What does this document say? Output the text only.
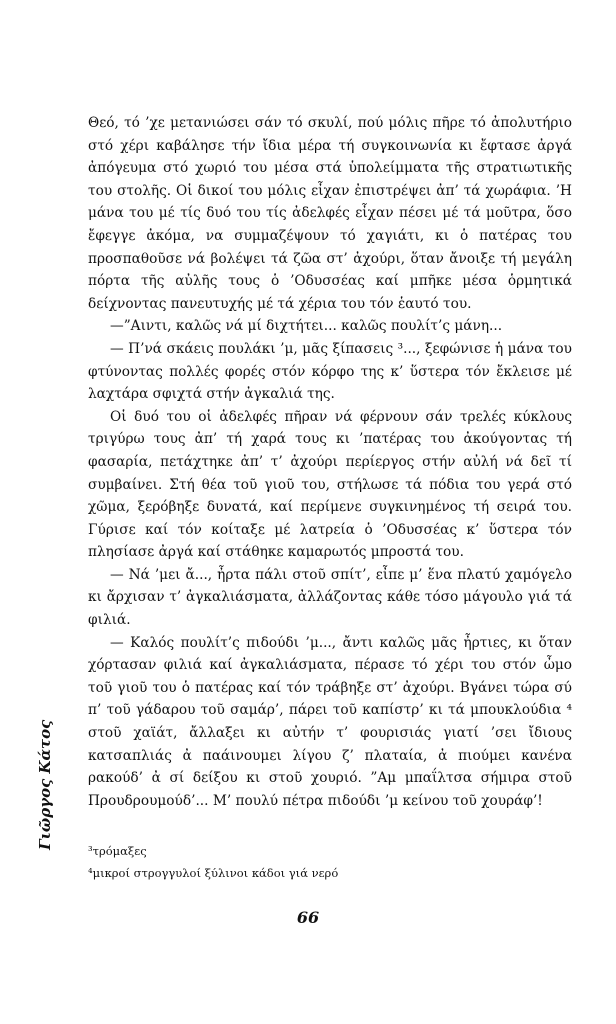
Θεό, τό ’χε μετανιώσει σάν τό σκυλί, πού μόλις πῆρε τό ἀπολυτήριο στό χέρι καβάλησε τήν ἴδια μέρα τή συγκοινωνία κι ἔφτασε ἀργά ἀπόγευμα στό χωριό του μέσα στά ὑπολείμματα τῆς στρατιωτικῆς του στολῆς. Οἱ δικοί του μόλις εἶχαν ἐπιστρέψει ἀπ’ τά χωράφια. ’Η μάνα του μέ τίς δυό του τίς ἀδελφές εἶχαν πέσει μέ τά μοῦτρα, ὅσο ἔφεγγε ἀκόμα, να συμμαζέψουν τό χαγιάτι, κι ὁ πατέρας του προσπαθοῦσε νά βολέψει τά ζῶα στ’ ἀχούρι, ὅταν ἄνοιξε τή μεγάλη πόρτα τῆς αὐλῆς τους ὁ ’Οδυσσέας καί μπῆκε μέσα ὁρμητικά δείχνοντας πανευτυχής μέ τά χέρια του τόν ἑαυτό του.

—”Αιντι, καλῶς νά μί διχτήτει... καλῶς πουλίτ’ς μάνη...

— Π’νά σκάεις πουλάκι ’μ, μᾶς ξίπασεις ³..., ξεφώνισε ἡ μάνα του φτύνοντας πολλές φορές στόν κόρφο της κ’ ὕστερα τόν ἔκλεισε μέ λαχτάρα σφιχτά στήν ἀγκαλιά της.

Οἱ δυό του οἱ ἀδελφές πῆραν νά φέρνουν σάν τρελές κύκλους τριγύρω τους ἀπ’ τή χαρά τους κι ’πατέρας του ἀκούγοντας τή φασαρία, πετάχτηκε ἀπ’ τ’ ἀχούρι περίεργος στήν αὐλή νά δεῖ τί συμβαίνει. Στή θέα τοῦ γιοῦ του, στήλωσε τά πόδια του γερά στό χῶμα, ξερόβηξε δυνατά, καί περίμενε συγκινημένος τή σειρά του. Γύρισε καί τόν κοίταξε μέ λατρεία ὁ ’Οδυσσέας κ’ ὕστερα τόν πλησίασε ἀργά καί στάθηκε καμαρωτός μπροστά του.

— Νά ’μει ἄ..., ἦρτα πάλι στοῦ σπίτ’, εἶπε μ’ ἕνα πλατύ χαμόγελο κι ἄρχισαν τ’ ἀγκαλιάσματα, ἀλλάζοντας κάθε τόσο μάγουλο γιά τά φιλιά.

— Καλός πουλίτ’ς πιδούδι ’μ..., ἄντι καλῶς μᾶς ἦρτιες, κι ὅταν χόρτασαν φιλιά καί ἀγκαλιάσματα, πέρασε τό χέρι του στόν ὦμο τοῦ γιοῦ του ὁ πατέρας καί τόν τράβηξε στ’ ἀχούρι. Βγάνει τώρα σύ π’ τοῦ γάδαρου τοῦ σαμάρ’, πάρει τοῦ καπίστρ’ κι τά μπουκλούδια ⁴ στοῦ χαϊάτ, ἄλλαξει κι αὐτήν τ’ φουρισιάς γιατί ’σει ἴδιους κατσαπλιάς ἀ παάινουμει λίγου ζ’ πλαταία, ἀ πιούμει κανένα ρακούδ’ ἀ σί δείξου κι στοῦ χουριό. ”Αμ μπαΐλτσα σήμιρα στοῦ Προυδρουμούδ’... Μ’ πουλύ πέτρα πιδούδι ’μ κείνου τοῦ χουράφ’!

³τρόμαξες
⁴μικροί στρογγυλοί ξύλινοι κάδοι γιά νερό
66
Γιῶργος Κάτος
